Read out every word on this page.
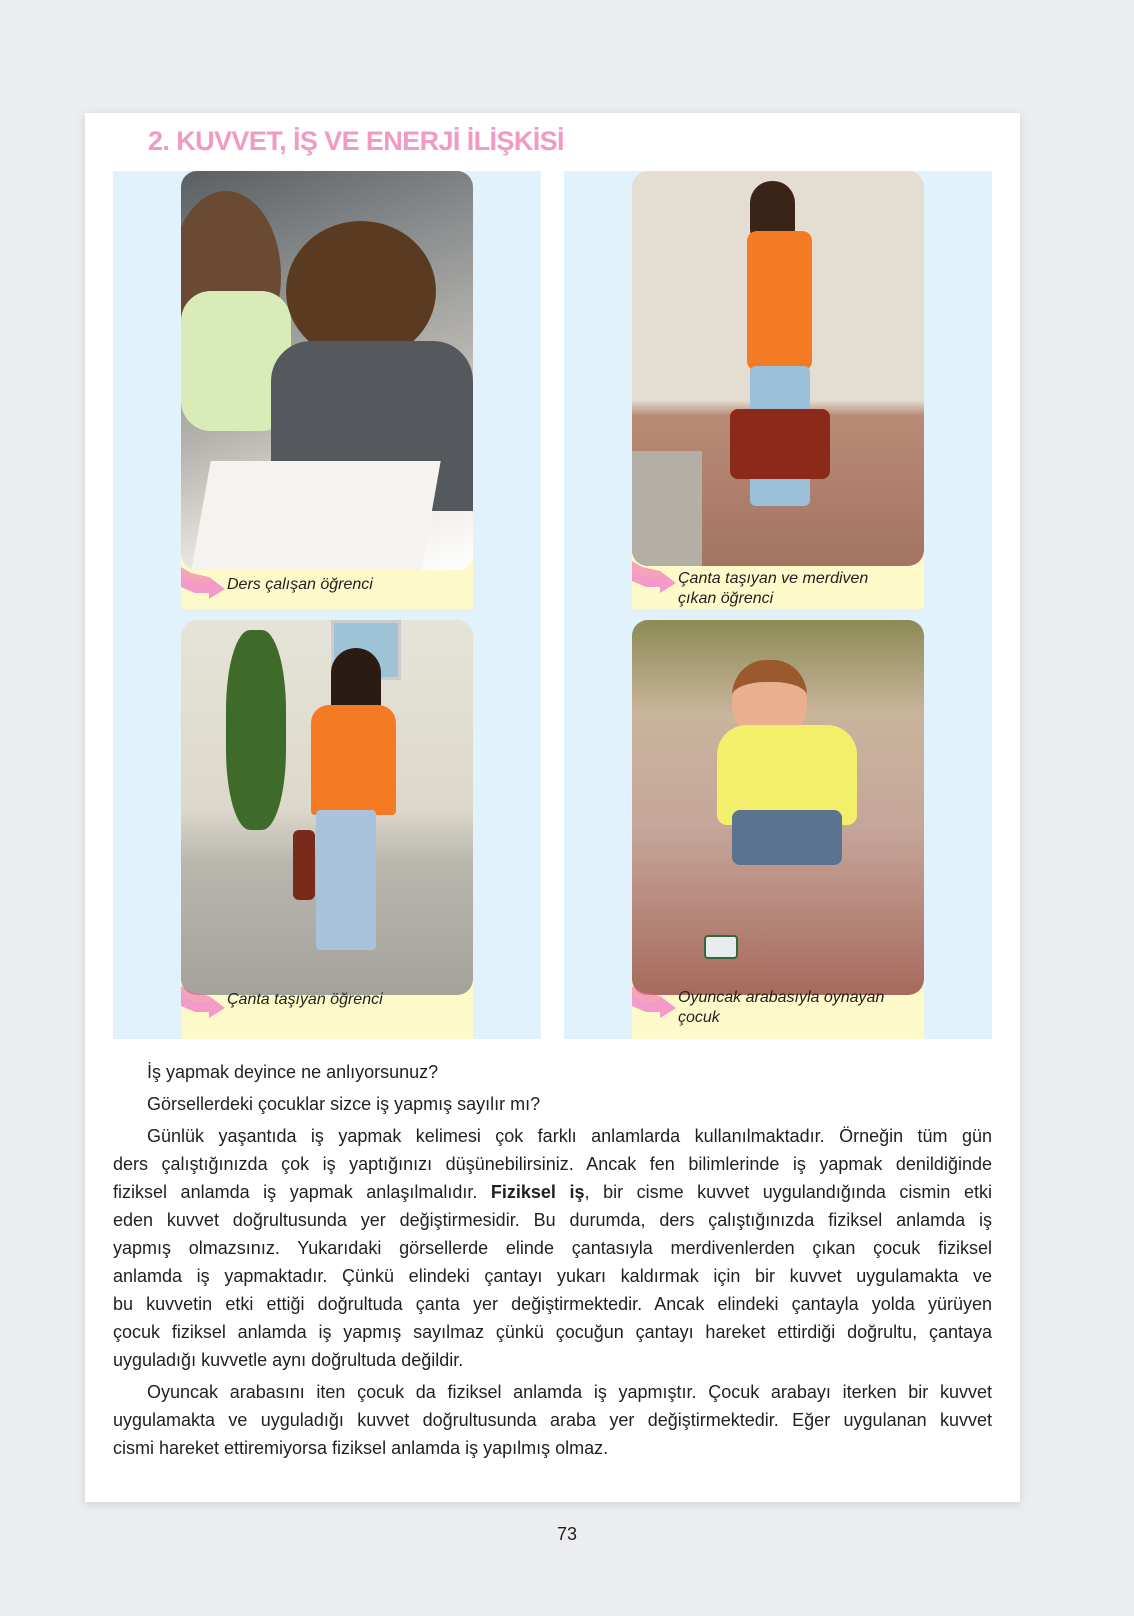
2. KUVVET, İŞ VE ENERJİ İLİŞKİSİ
Ders çalışan öğrenci
Çanta taşıyan öğrenci
Çanta taşıyan ve merdiven
çıkan öğrenci
Oyuncak arabasıyla oynayan
çocuk
İş yapmak deyince ne anlıyorsunuz?
Görsellerdeki çocuklar sizce iş yapmış sayılır mı?
Günlük yaşantıda iş yapmak kelimesi çok farklı anlamlarda kullanılmaktadır. Örneğin tüm gün
ders çalıştığınızda çok iş yaptığınızı düşünebilirsiniz. Ancak fen bilimlerinde iş yapmak denildiğinde
fiziksel anlamda iş yapmak anlaşılmalıdır. Fiziksel iş, bir cisme kuvvet uygulandığında cismin etki
eden kuvvet doğrultusunda yer değiştirmesidir. Bu durumda, ders çalıştığınızda fiziksel anlamda iş
yapmış olmazsınız. Yukarıdaki görsellerde elinde çantasıyla merdivenlerden çıkan çocuk fiziksel
anlamda iş yapmaktadır. Çünkü elindeki çantayı yukarı kaldırmak için bir kuvvet uygulamakta ve
bu kuvvetin etki ettiği doğrultuda çanta yer değiştirmektedir. Ancak elindeki çantayla yolda yürüyen
çocuk fiziksel anlamda iş yapmış sayılmaz çünkü çocuğun çantayı hareket ettirdiği doğrultu, çantaya
uyguladığı kuvvetle aynı doğrultuda değildir.
Oyuncak arabasını iten çocuk da fiziksel anlamda iş yapmıştır. Çocuk arabayı iterken bir kuvvet
uygulamakta ve uyguladığı kuvvet doğrultusunda araba yer değiştirmektedir. Eğer uygulanan kuvvet
cismi hareket ettiremiyorsa fiziksel anlamda iş yapılmış olmaz.
73
